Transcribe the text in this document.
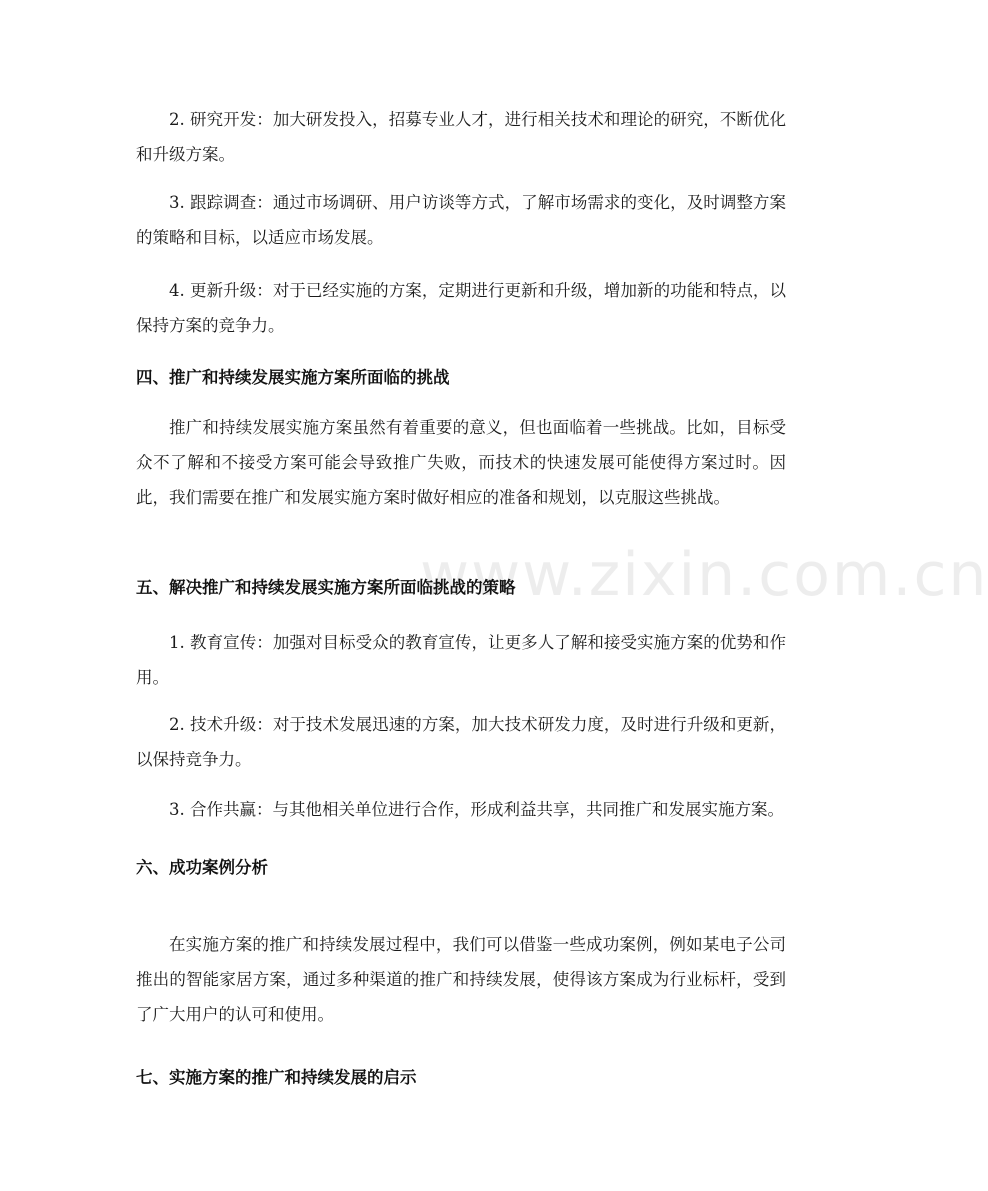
www.zixin.com.cn

2. 研究开发：加大研发投入，招募专业人才，进行相关技术和理论的研究，不断优化和升级方案。

3. 跟踪调查：通过市场调研、用户访谈等方式，了解市场需求的变化，及时调整方案的策略和目标，以适应市场发展。

4. 更新升级：对于已经实施的方案，定期进行更新和升级，增加新的功能和特点，以保持方案的竞争力。

四、推广和持续发展实施方案所面临的挑战

推广和持续发展实施方案虽然有着重要的意义，但也面临着一些挑战。比如，目标受众不了解和不接受方案可能会导致推广失败，而技术的快速发展可能使得方案过时。因此，我们需要在推广和发展实施方案时做好相应的准备和规划，以克服这些挑战。

五、解决推广和持续发展实施方案所面临挑战的策略

1. 教育宣传：加强对目标受众的教育宣传，让更多人了解和接受实施方案的优势和作用。

2. 技术升级：对于技术发展迅速的方案，加大技术研发力度，及时进行升级和更新，以保持竞争力。

3. 合作共赢：与其他相关单位进行合作，形成利益共享，共同推广和发展实施方案。

六、成功案例分析

在实施方案的推广和持续发展过程中，我们可以借鉴一些成功案例，例如某电子公司推出的智能家居方案，通过多种渠道的推广和持续发展，使得该方案成为行业标杆，受到了广大用户的认可和使用。

七、实施方案的推广和持续发展的启示
